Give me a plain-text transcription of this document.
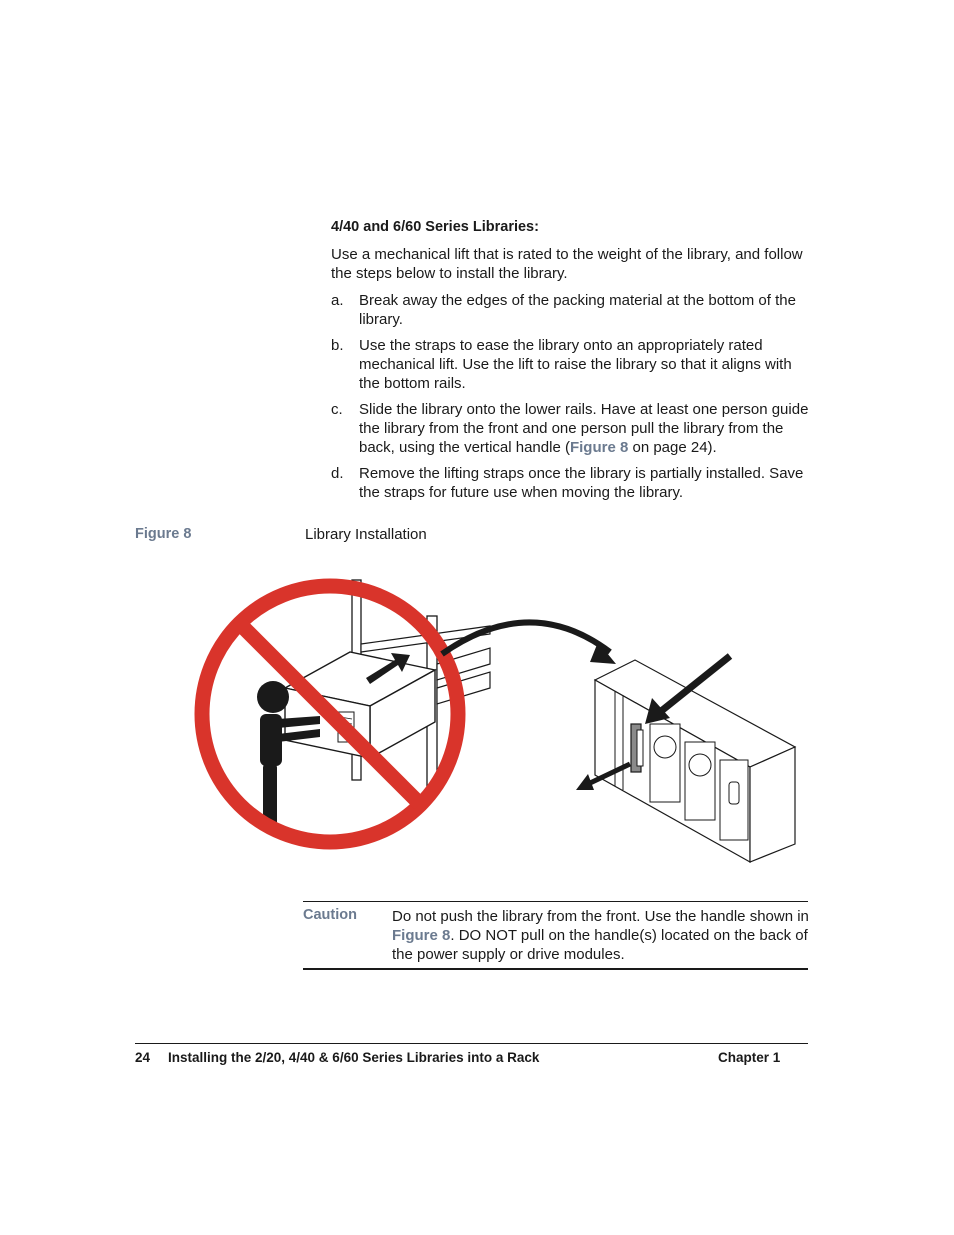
4/40 and 6/60 Series Libraries:
Use a mechanical lift that is rated to the weight of the library, and follow the steps below to install the library.
a.	Break away the edges of the packing material at the bottom of the library.
b.	Use the straps to ease the library onto an appropriately rated mechanical lift. Use the lift to raise the library so that it aligns with the bottom rails.
c.	Slide the library onto the lower rails. Have at least one person guide the library from the front and one person pull the library from the back, using the vertical handle (Figure 8 on page 24).
d.	Remove the lifting straps once the library is partially installed. Save the straps for future use when moving the library.
Figure 8	Library Installation
Caution Do not push the library from the front. Use the handle shown in Figure 8. DO NOT pull on the handle(s) located on the back of the power supply or drive modules.
24 Installing the 2/20, 4/40 & 6/60 Series Libraries into a Rack	Chapter 1
